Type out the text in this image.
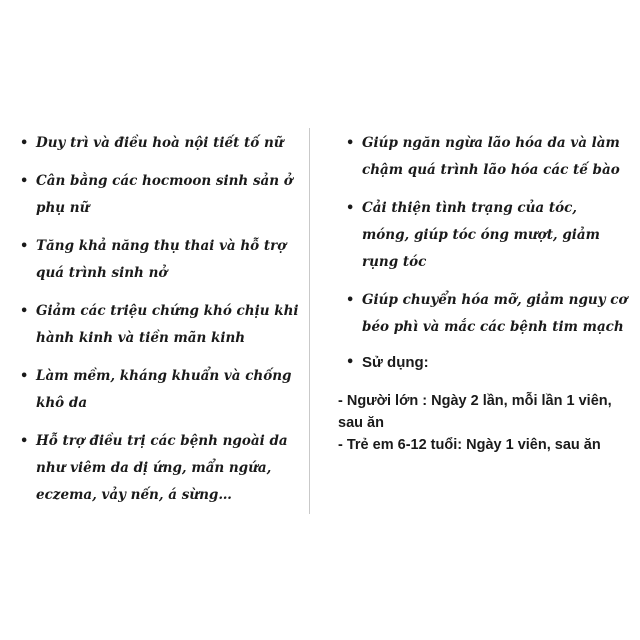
• Duy trì và điều hoà nội tiết tố nữ
• Cân bằng các hocmoon sinh sản ở phụ nữ
• Tăng khả năng thụ thai và hỗ trợ quá trình sinh nở
• Giảm các triệu chứng khó chịu khi hành kinh và tiền mãn kinh
• Làm mềm, kháng khuẩn và chống khô da
• Hỗ trợ điều trị các bệnh ngoài da như viêm da dị ứng, mẩn ngứa, eczema, vảy nến, á sừng…
• Giúp ngăn ngừa lão hóa da và làm chậm quá trình lão hóa các tế bào
• Cải thiện tình trạng của tóc, móng, giúp tóc óng mượt, giảm rụng tóc
• Giúp chuyển hóa mỡ, giảm nguy cơ béo phì và mắc các bệnh tim mạch
• Sử dụng:
- Người lớn : Ngày 2 lần, mỗi lần 1 viên, sau ăn
- Trẻ em 6-12 tuổi: Ngày 1 viên, sau ăn
